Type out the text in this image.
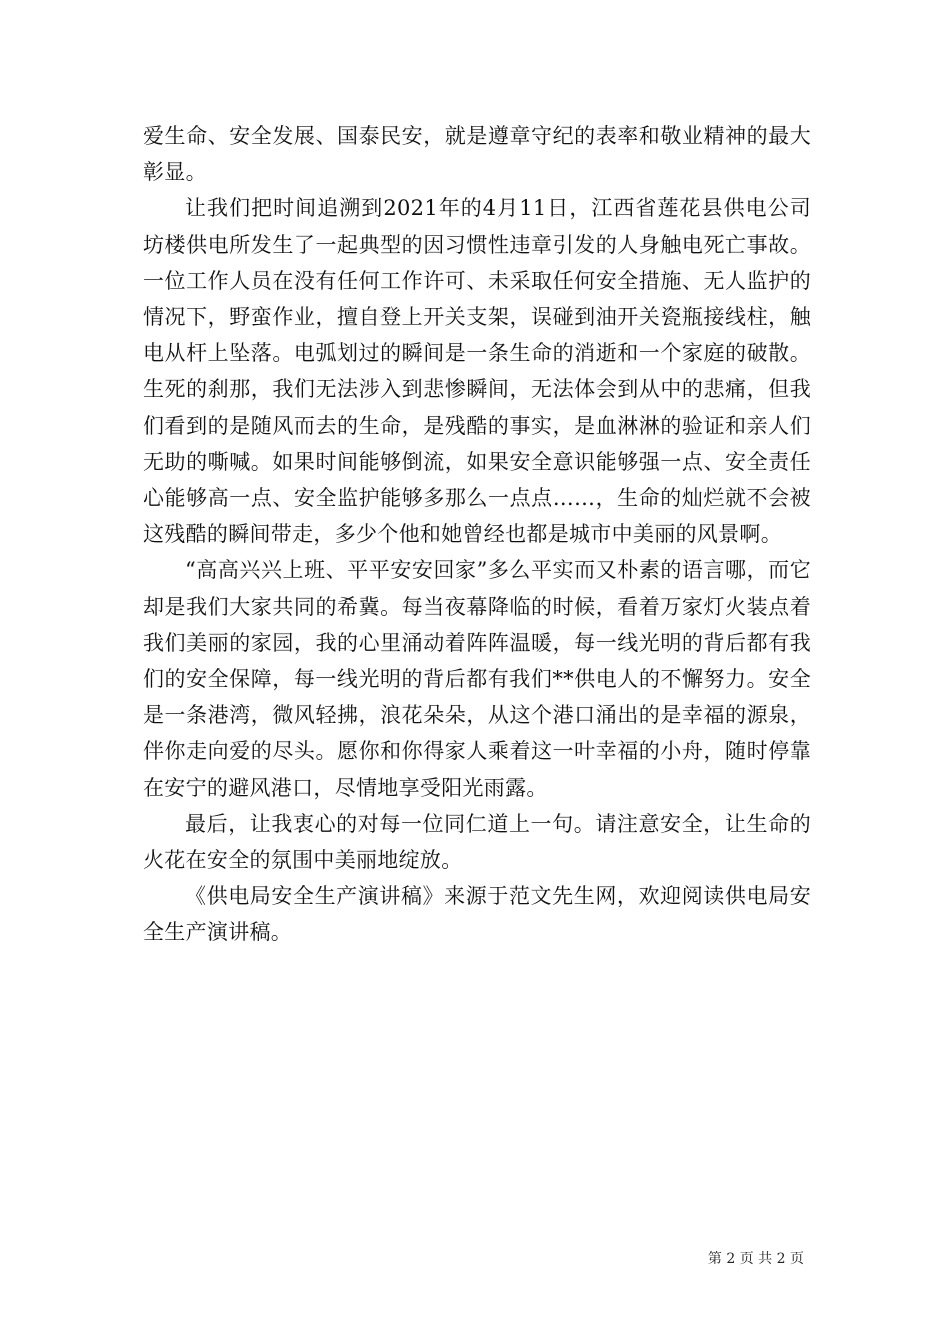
爱生命、安全发展、国泰民安，就是遵章守纪的表率和敬业精神的最大彰显。

让我们把时间追溯到2021年的4月11日，江西省莲花县供电公司坊楼供电所发生了一起典型的因习惯性违章引发的人身触电死亡事故。一位工作人员在没有任何工作许可、未采取任何安全措施、无人监护的情况下，野蛮作业，擅自登上开关支架，误碰到油开关瓷瓶接线柱，触电从杆上坠落。电弧划过的瞬间是一条生命的消逝和一个家庭的破散。生死的刹那，我们无法涉入到悲惨瞬间，无法体会到从中的悲痛，但我们看到的是随风而去的生命，是残酷的事实，是血淋淋的验证和亲人们无助的嘶喊。如果时间能够倒流，如果安全意识能够强一点、安全责任心能够高一点、安全监护能够多那么一点点……，生命的灿烂就不会被这残酷的瞬间带走，多少个他和她曾经也都是城市中美丽的风景啊。

“高高兴兴上班、平平安安回家”多么平实而又朴素的语言哪，而它却是我们大家共同的希冀。每当夜幕降临的时候，看着万家灯火装点着我们美丽的家园，我的心里涌动着阵阵温暖，每一线光明的背后都有我们的安全保障，每一线光明的背后都有我们**供电人的不懈努力。安全是一条港湾，微风轻拂，浪花朵朵，从这个港口涌出的是幸福的源泉，伴你走向爱的尽头。愿你和你得家人乘着这一叶幸福的小舟，随时停靠在安宁的避风港口，尽情地享受阳光雨露。

最后，让我衷心的对每一位同仁道上一句。请注意安全，让生命的火花在安全的氛围中美丽地绽放。

《供电局安全生产演讲稿》来源于范文先生网，欢迎阅读供电局安全生产演讲稿。

第 2 页 共 2 页
